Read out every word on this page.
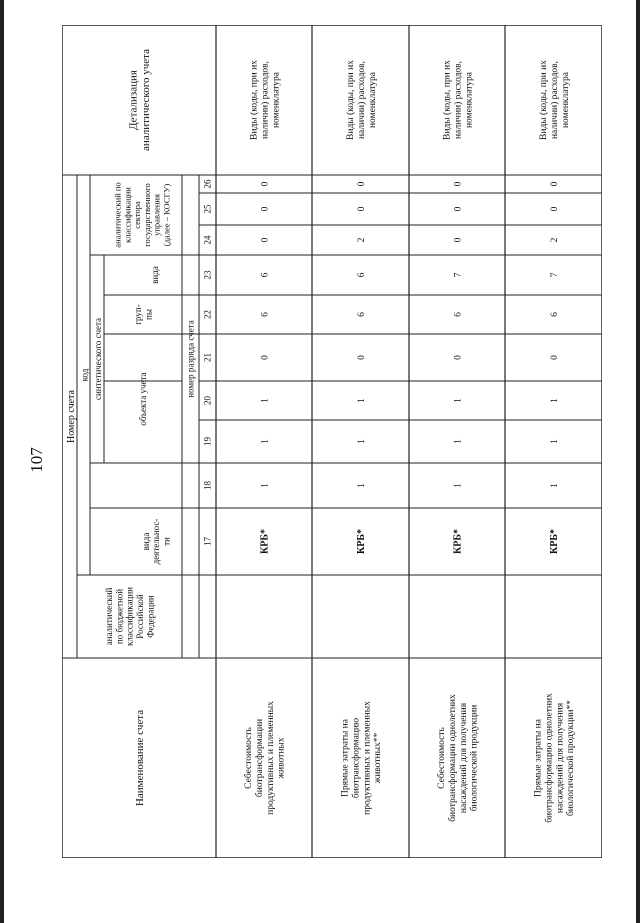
107
Наименование счета
Номер счета
код
аналитическийпо бюджетнойклассификацииРоссийскойФедерации
видадеятельнос-ти
синтетического счета	объекта учета
груп-пы
вида
аналитический поклассификациисекторагосударственногоуправления(далее – КОСГУ)
номер разряда счета
Детализацияаналитического учета
17
18
19
20
21
22
23
24
25
26
Себестоимостьбиотрансформациипродуктивных и племенныхживотных
КРБ*
1
1
1
0
6
6
0
0
0
Виды (коды, при ихналичии) расходов,номенклатура
Прямые затраты набиотрансформациюпродуктивных и племенныхживотных**
КРБ*
1
1
1
0
6
6
2
0
0
Виды (коды, при ихналичии) расходов,номенклатура
Себестоимостьбиотрансформации однолетнихнасаждений для получениябиологической продукции
КРБ*
1
1
1
0
6
7
0
0
0
Виды (коды, при ихналичии) расходов,номенклатура
Прямые затраты набиотрансформацию однолетнихнасаждений для получениябиологической продукции**
КРБ*
1
1
1
0
6
7
2
0
0
Виды (коды, при ихналичии) расходов,номенклатура
